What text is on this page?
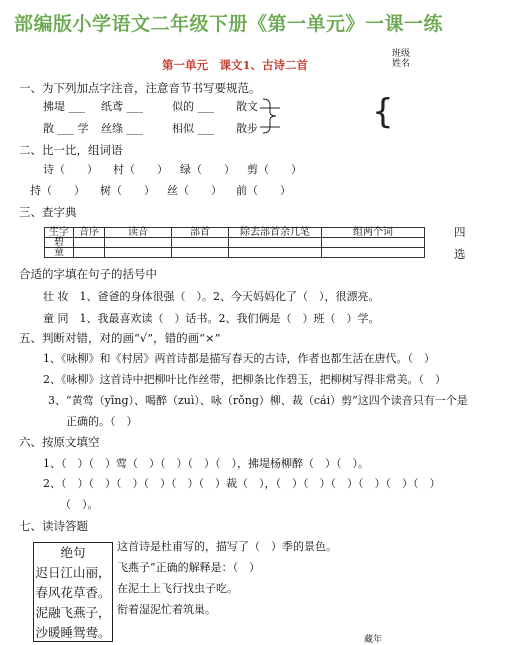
部编版小学语文二年级下册《第一单元》一课一练
第一单元　课文1、古诗二首
班级
姓名
一、为下列加点字注音，注意音节书写要规范。
拂堤 ___ 纸鸢 ___	似的 ___ 散文
散 ___ 学 丝绦 ___	相似 ___ 散步	{
二、比一比，组词语
诗（　　） 村（　　） 绿（　　） 剪（　　）
持（　　） 树（　　） 丝（　　） 前（　　）
三、查字典
生字	音序	读音	部首	除去部首余几笔	组两个词
碧					
童					
四
选
合适的字填在句子的括号中
壮 妆　1、爸爸的身体很强（　）。2、今天妈妈化了（　），很漂亮。
童 同　1、我最喜欢读（　）话书。2、我们俩是（　）班（　）学。
五、判断对错，对的画“√”，错的画“×”
1、《咏柳》和《村居》两首诗都是描写春天的古诗，作者也都生活在唐代。（　）
2、《咏柳》这首诗中把柳叶比作丝带，把柳条比作碧玉，把柳树写得非常美。（　）
3、“黄莺（yīng）、喝醉（zuì）、咏（rǒng）柳、裁（cái）剪”这四个读音只有一个是
正确的。（　）
六、按原文填空
1、（　）（　）莺（　）（　）（　）（　），拂堤杨柳醉（　）（　）。
2、（　）（　）（　）（　）（　）（　）裁（　），（　）（　）（　）（　）（　）（　）
（　）。
七、读诗答题
这首诗是杜甫写的，描写了（　）季的景色。
飞燕子”正确的解释是：（　）
在泥土上飞行找虫子吃。
衔着湿泥忙着筑巢。
藏年
绝句
迟日江山丽，
春风花草香。
泥融飞燕子，
沙暖睡鸳鸯。
